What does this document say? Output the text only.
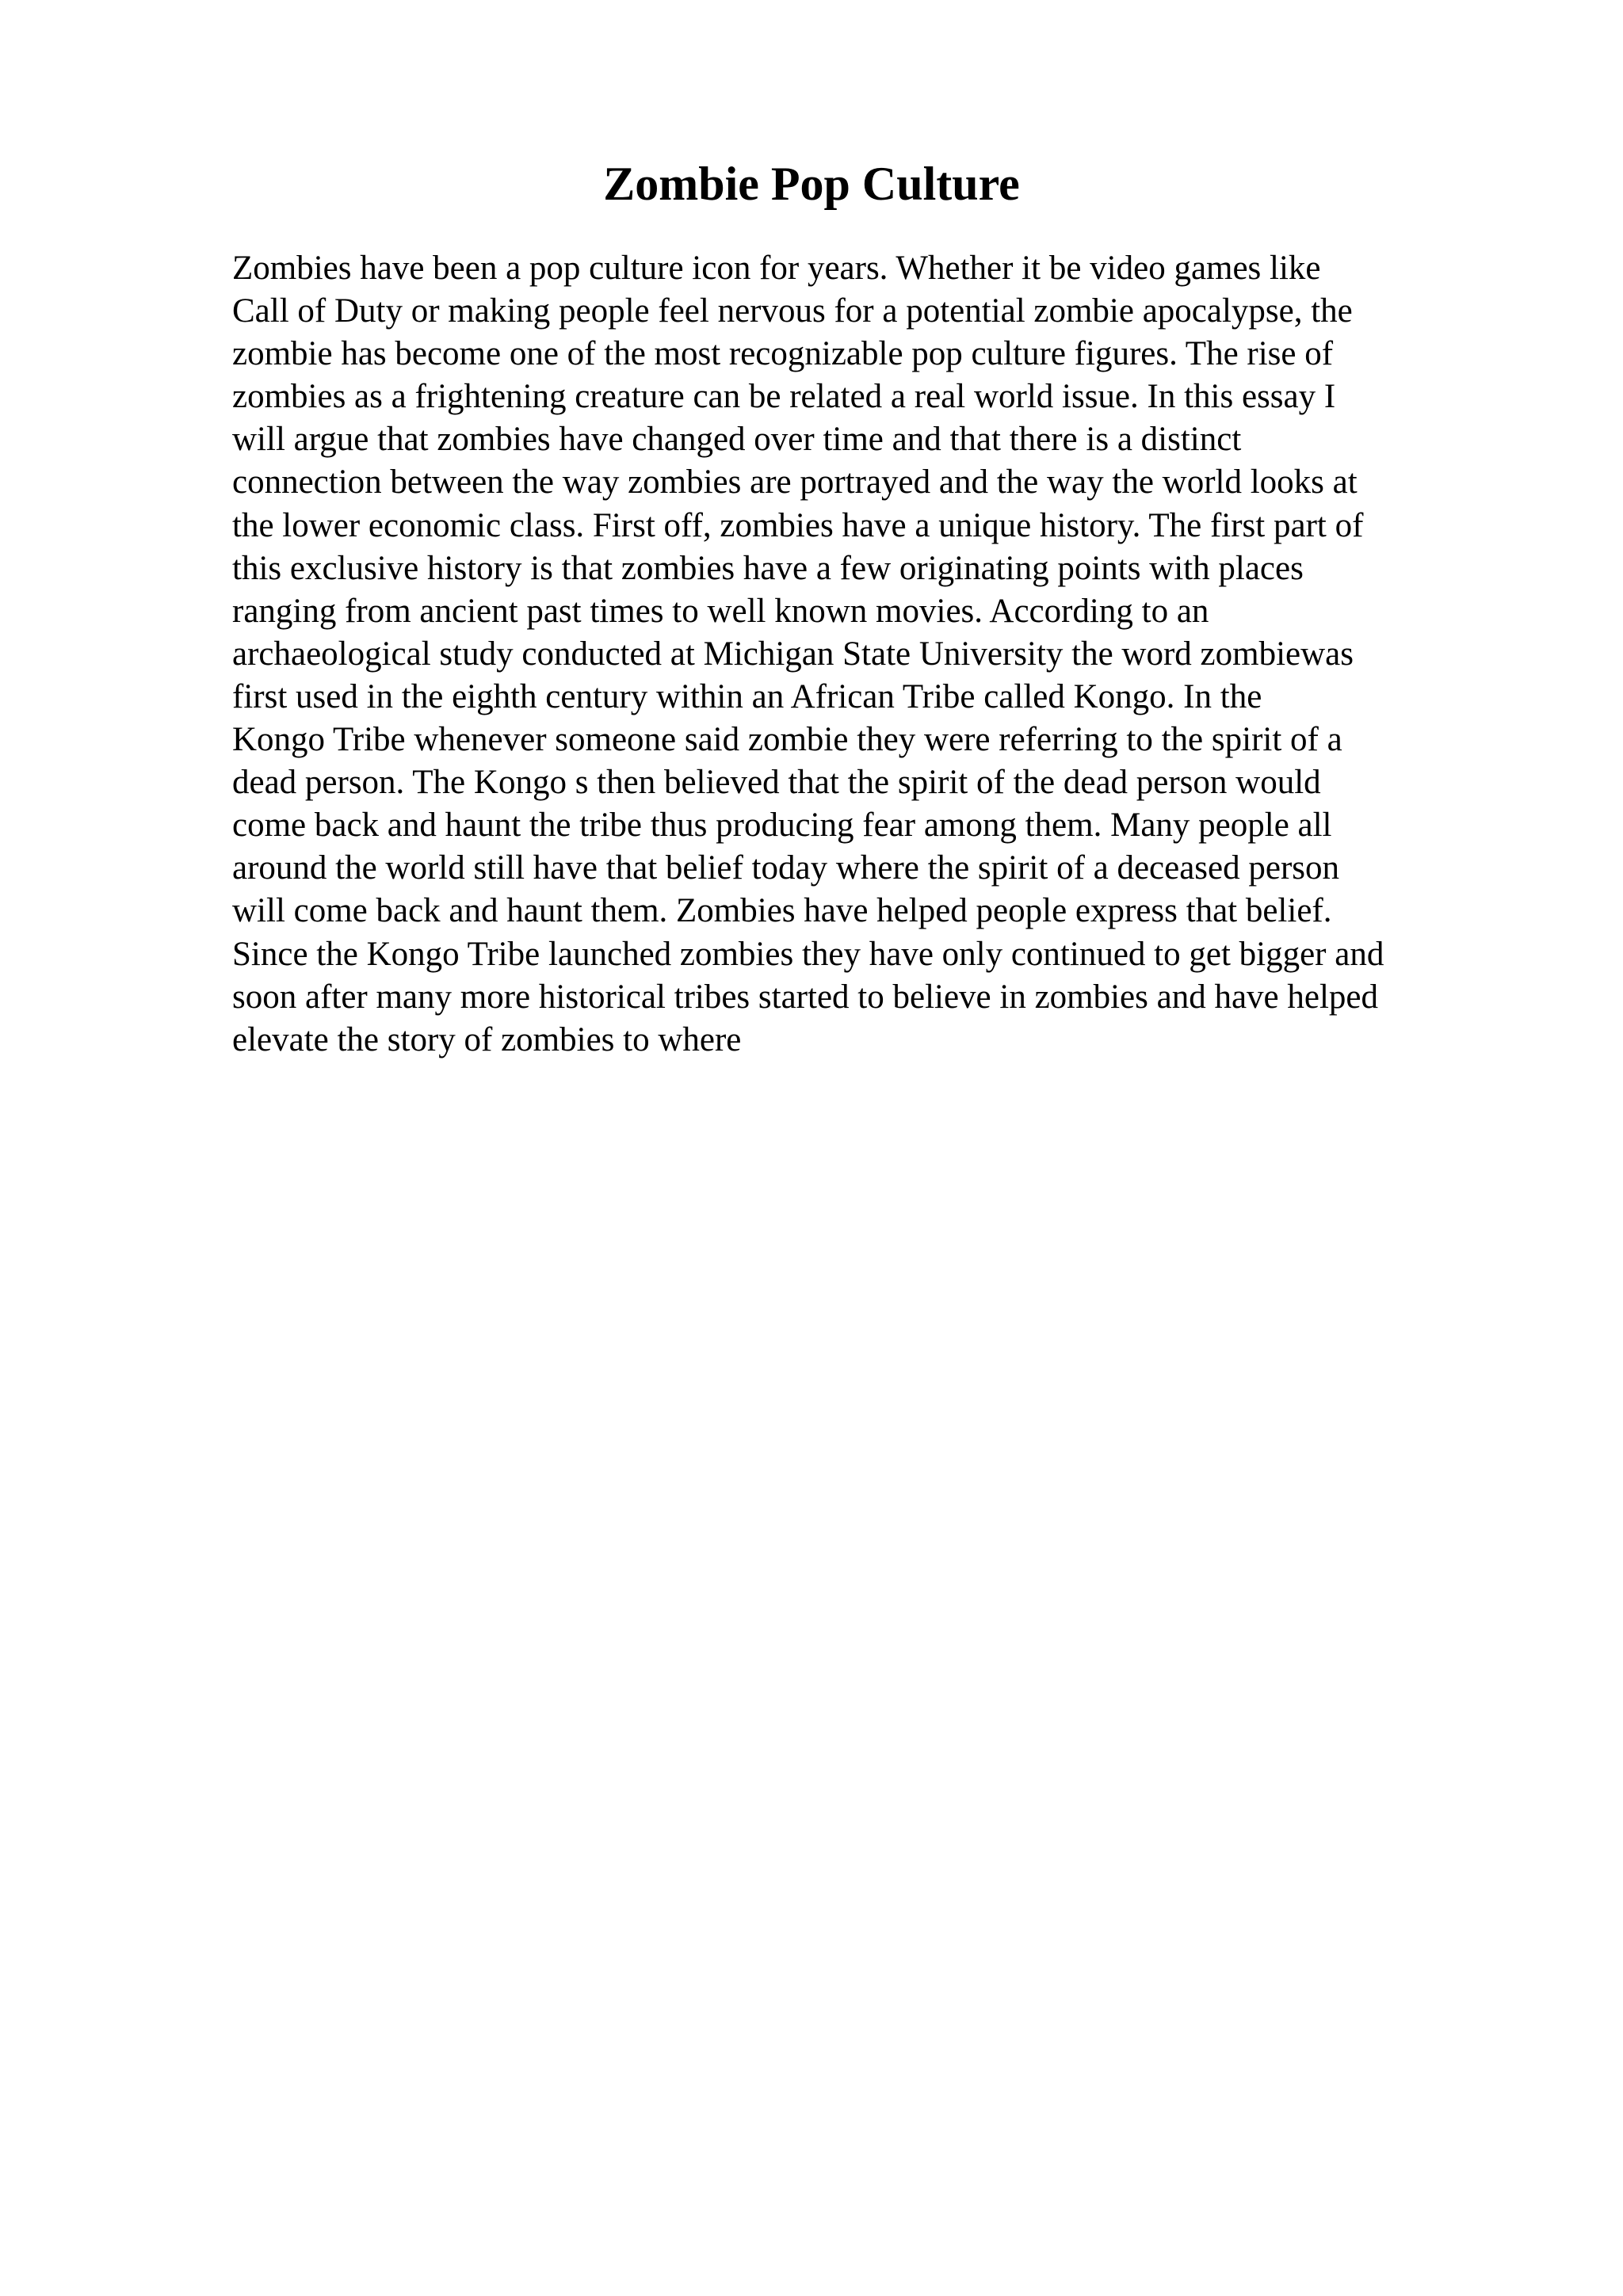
Zombie Pop Culture
Zombies have been a pop culture icon for years. Whether it be video games like
Call of Duty or making people feel nervous for a potential zombie apocalypse, the
zombie has become one of the most recognizable pop culture figures. The rise of
zombies as a frightening creature can be related a real world issue. In this essay I
will argue that zombies have changed over time and that there is a distinct
connection between the way zombies are portrayed and the way the world looks at
the lower economic class. First off, zombies have a unique history. The first part of
this exclusive history is that zombies have a few originating points with places
ranging from ancient past times to well known movies. According to an
archaeological study conducted at Michigan State University the word zombiewas
first used in the eighth century within an African Tribe called Kongo. In the
Kongo Tribe whenever someone said zombie they were referring to the spirit of a
dead person. The Kongo s then believed that the spirit of the dead person would
come back and haunt the tribe thus producing fear among them. Many people all
around the world still have that belief today where the spirit of a deceased person
will come back and haunt them. Zombies have helped people express that belief.
Since the Kongo Tribe launched zombies they have only continued to get bigger and
soon after many more historical tribes started to believe in zombies and have helped
elevate the story of zombies to where
